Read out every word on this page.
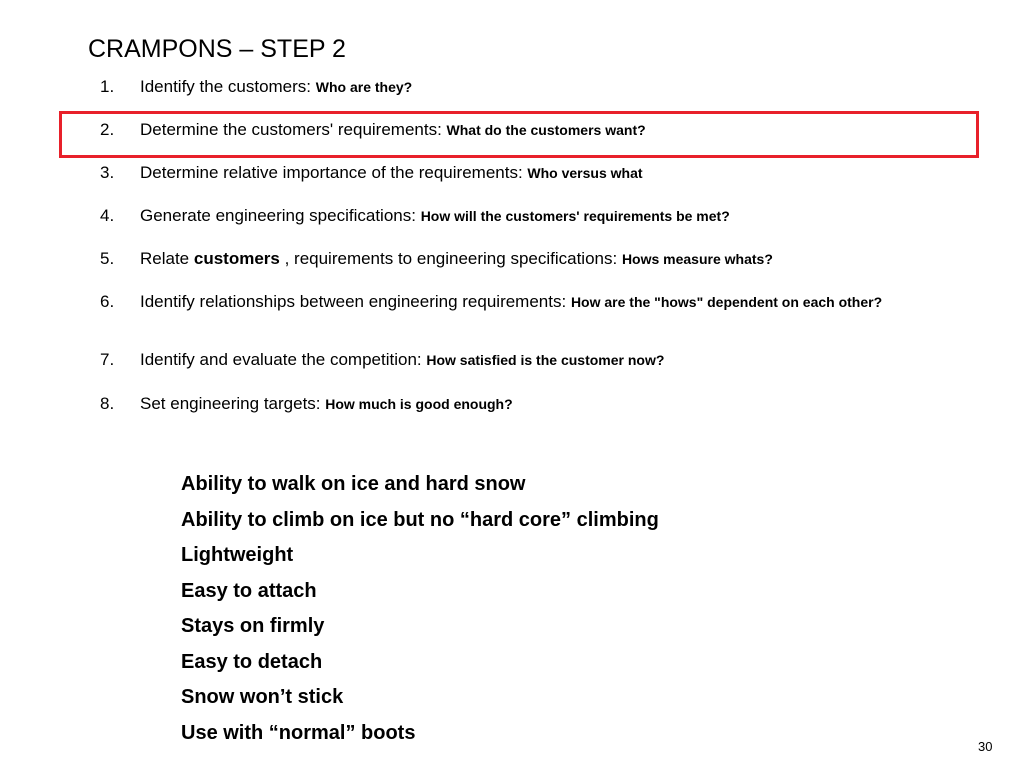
CRAMPONS – STEP 2
1.	Identify the customers: Who are they?
2.	Determine the customers' requirements: What do the customers want?
3.	Determine relative importance of the requirements: Who versus what
4.	Generate engineering specifications: How will the customers' requirements be met?
5.	Relate customers , requirements to engineering specifications: Hows measure whats?
6.	Identify relationships between engineering requirements: How are the "hows" dependent on each other?
7.	Identify and evaluate the competition: How satisfied is the customer now?
8.	Set engineering targets: How much is good enough?
Ability to walk on ice and hard snow
Ability to climb on ice but no “hard core” climbing
Lightweight
Easy to attach
Stays on firmly
Easy to detach
Snow won’t stick
Use with “normal” boots
30
